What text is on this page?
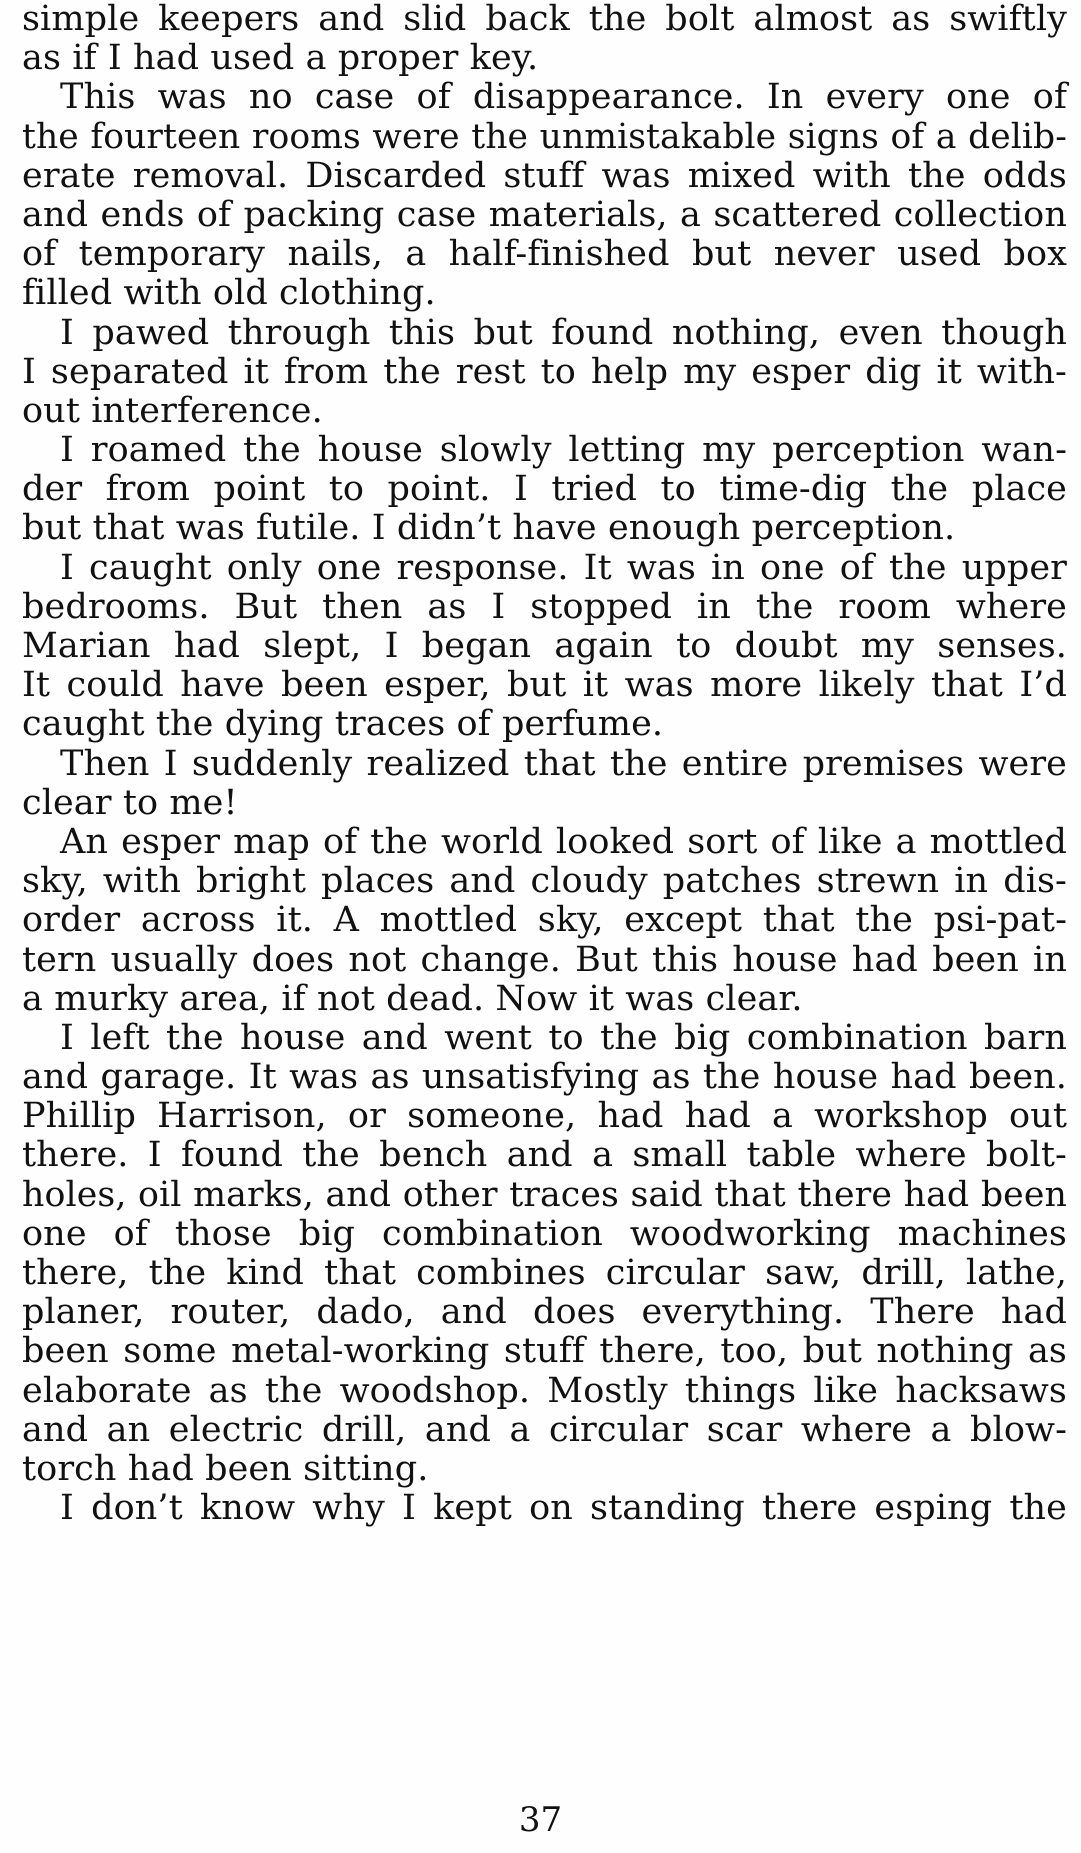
simple keepers and slid back the bolt almost as swiftly
as if I had used a proper key.
This was no case of disappearance. In every one of
the fourteen rooms were the unmistakable signs of a delib-
erate removal. Discarded stuff was mixed with the odds
and ends of packing case materials, a scattered collection
of temporary nails, a half-finished but never used box
filled with old clothing.
I pawed through this but found nothing, even though
I separated it from the rest to help my esper dig it with-
out interference.
I roamed the house slowly letting my perception wan-
der from point to point. I tried to time-dig the place
but that was futile. I didn’t have enough perception.
I caught only one response. It was in one of the upper
bedrooms. But then as I stopped in the room where
Marian had slept, I began again to doubt my senses.
It could have been esper, but it was more likely that I’d
caught the dying traces of perfume.
Then I suddenly realized that the entire premises were
clear to me!
An esper map of the world looked sort of like a mottled
sky, with bright places and cloudy patches strewn in dis-
order across it. A mottled sky, except that the psi-pat-
tern usually does not change. But this house had been in
a murky area, if not dead. Now it was clear.
I left the house and went to the big combination barn
and garage. It was as unsatisfying as the house had been.
Phillip Harrison, or someone, had had a workshop out
there. I found the bench and a small table where bolt-
holes, oil marks, and other traces said that there had been
one of those big combination woodworking machines
there, the kind that combines circular saw, drill, lathe,
planer, router, dado, and does everything. There had
been some metal-working stuff there, too, but nothing as
elaborate as the woodshop. Mostly things like hacksaws
and an electric drill, and a circular scar where a blow-
torch had been sitting.
I don’t know why I kept on standing there esping the
37
